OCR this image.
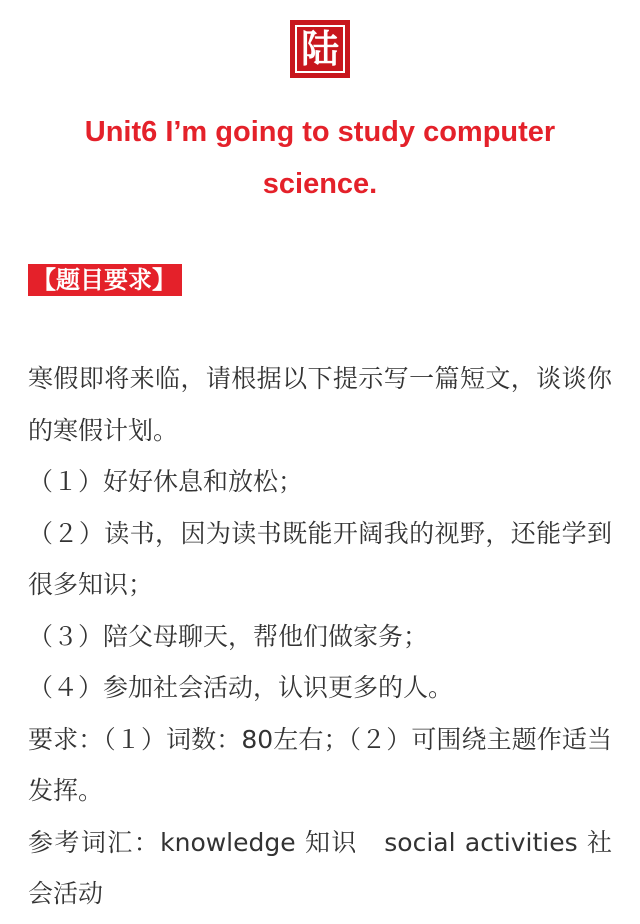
陆
Unit6 I’m going to study computer science.
【题目要求】

寒假即将来临，请根据以下提示写一篇短文，谈谈你的寒假计划。

（１）好好休息和放松；

（２）读书，因为读书既能开阔我的视野，还能学到很多知识；

（３）陪父母聊天，帮他们做家务；

（４）参加社会活动，认识更多的人。

要求：（１）词数：80左右；（２）可围绕主题作适当发挥。

参考词汇：knowledge 知识　social activities 社会活动
